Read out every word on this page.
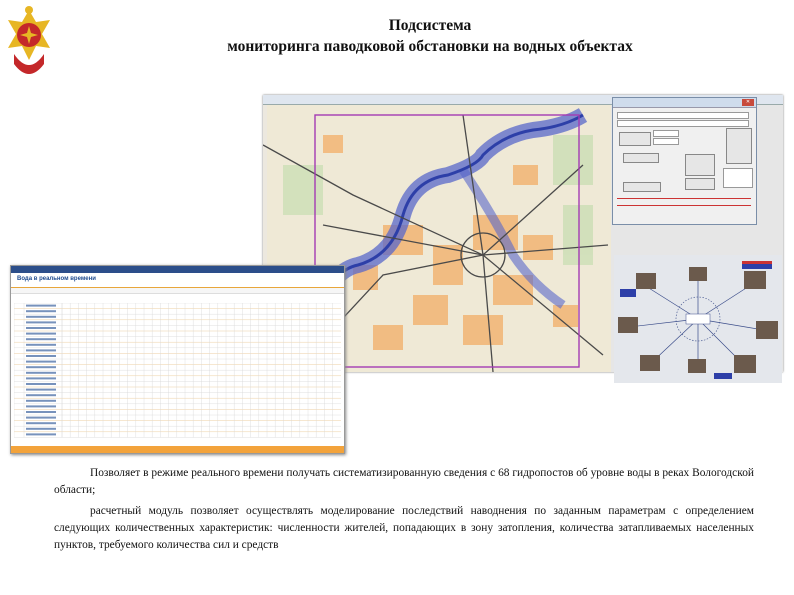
Подсистема
мониторинга паводковой обстановки на водных объектах
✕
Вода в реальном времени
Позволяет в режиме реального времени получать систематизированную сведения с 68 гидропостов об уровне воды в реках Вологодской области;
расчетный модуль позволяет осуществлять моделирование последствий наводнения по заданным параметрам с определением следующих количественных характеристик: численности жителей, попадающих в зону затопления, количества затапливаемых населенных пунктов, требуемого количества сил и средств
